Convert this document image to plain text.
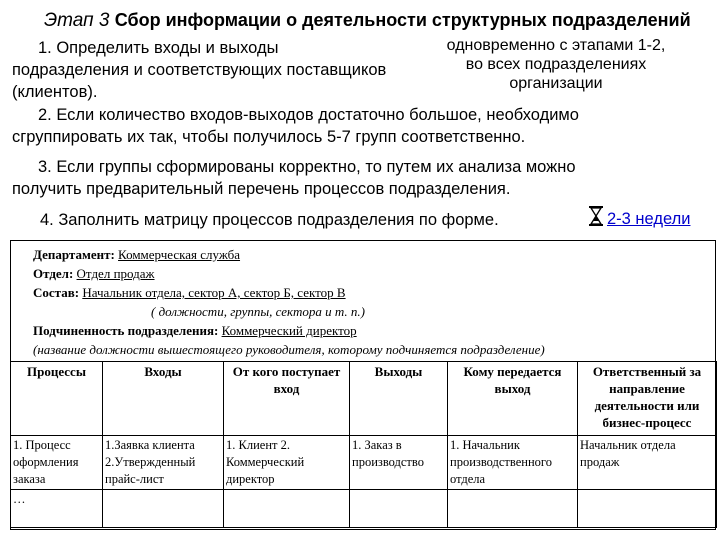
Этап 3 Сбор информации о деятельности структурных подразделений
одновременно с этапами 1-2,
во всех подразделениях
организации
1. Определить входы и выходы
подразделения и соответствующих поставщиков
(клиентов).
2. Если количество входов-выходов достаточно большое, необходимо
сгруппировать их так, чтобы получилось 5-7 групп соответственно.
3. Если группы сформированы корректно, то путем их анализа можно
получить предварительный перечень процессов подразделения.
4. Заполнить матрицу процессов подразделения по форме.	2-3 недели
Департамент: Коммерческая служба
Отдел: Отдел продаж
Состав: Начальник отдела, сектор А, сектор Б, сектор В
( должности, группы, сектора и т. п.)
Подчиненность подразделения: Коммерческий директор
(название должности вышестоящего руководителя, которому подчиняется подразделение)
Процессы	Входы	От кого поступает вход	Выходы	Кому передается выход	Ответственный за направление деятельности или бизнес-процесс
1. Процесс оформления заказа	1.Заявка клиента 2.Утвержденный прайс-лист	1. Клиент 2. Коммерческий директор	1. Заказ в производство	1. Начальник производственного отдела	Начальник отдела продаж
…					
